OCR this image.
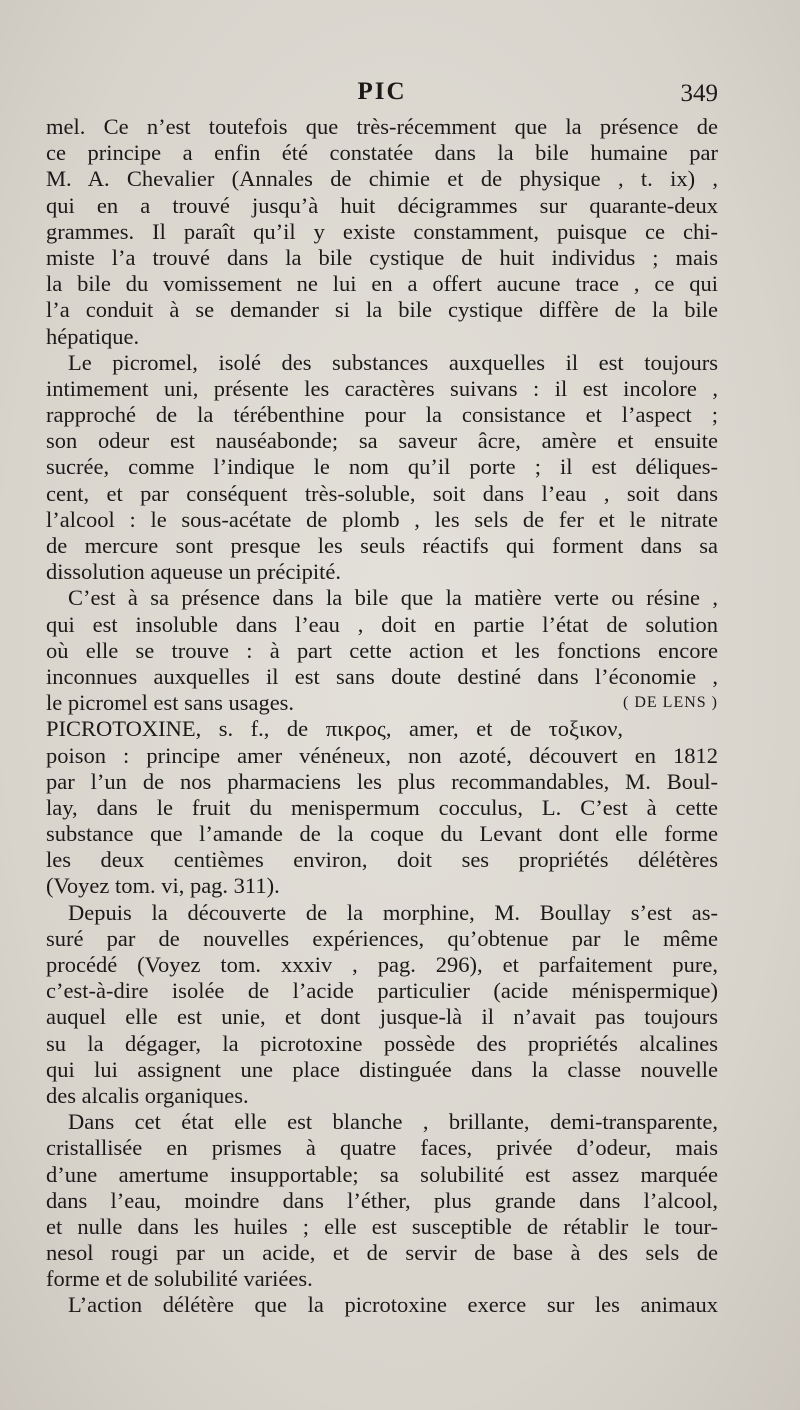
PIC	349
mel. Ce n’est toutefois que très-récemment que la présence de
ce principe a enfin été constatée dans la bile humaine par
M. A. Chevalier (Annales de chimie et de physique , t. ix) ,
qui en a trouvé jusqu’à huit décigrammes sur quarante-deux
grammes. Il paraît qu’il y existe constamment, puisque ce chi-
miste l’a trouvé dans la bile cystique de huit individus ; mais
la bile du vomissement ne lui en a offert aucune trace , ce qui
l’a conduit à se demander si la bile cystique diffère de la bile
hépatique.
Le picromel, isolé des substances auxquelles il est toujours
intimement uni, présente les caractères suivans : il est incolore ,
rapproché de la térébenthine pour la consistance et l’aspect ;
son odeur est nauséabonde; sa saveur âcre, amère et ensuite
sucrée, comme l’indique le nom qu’il porte ; il est déliques-
cent, et par conséquent très-soluble, soit dans l’eau , soit dans
l’alcool : le sous-acétate de plomb , les sels de fer et le nitrate
de mercure sont presque les seuls réactifs qui forment dans sa
dissolution aqueuse un précipité.
C’est à sa présence dans la bile que la matière verte ou résine ,
qui est insoluble dans l’eau , doit en partie l’état de solution
où elle se trouve : à part cette action et les fonctions encore
inconnues auxquelles il est sans doute destiné dans l’économie ,
le picromel est sans usages.	( DE LENS )
PICROTOXINE, s. f., de πικρος, amer, et de τοξικον,
poison : principe amer vénéneux, non azoté, découvert en 1812
par l’un de nos pharmaciens les plus recommandables, M. Boul-
lay, dans le fruit du menispermum cocculus, L. C’est à cette
substance que l’amande de la coque du Levant dont elle forme
les deux centièmes environ, doit ses propriétés délétères
(Voyez tom. vi, pag. 311).
Depuis la découverte de la morphine, M. Boullay s’est as-
suré par de nouvelles expériences, qu’obtenue par le même
procédé (Voyez tom. xxxiv , pag. 296), et parfaitement pure,
c’est-à-dire isolée de l’acide particulier (acide ménispermique)
auquel elle est unie, et dont jusque-là il n’avait pas toujours
su la dégager, la picrotoxine possède des propriétés alcalines
qui lui assignent une place distinguée dans la classe nouvelle
des alcalis organiques.
Dans cet état elle est blanche , brillante, demi-transparente,
cristallisée en prismes à quatre faces, privée d’odeur, mais
d’une amertume insupportable; sa solubilité est assez marquée
dans l’eau, moindre dans l’éther, plus grande dans l’alcool,
et nulle dans les huiles ; elle est susceptible de rétablir le tour-
nesol rougi par un acide, et de servir de base à des sels de
forme et de solubilité variées.
L’action délétère que la picrotoxine exerce sur les animaux
